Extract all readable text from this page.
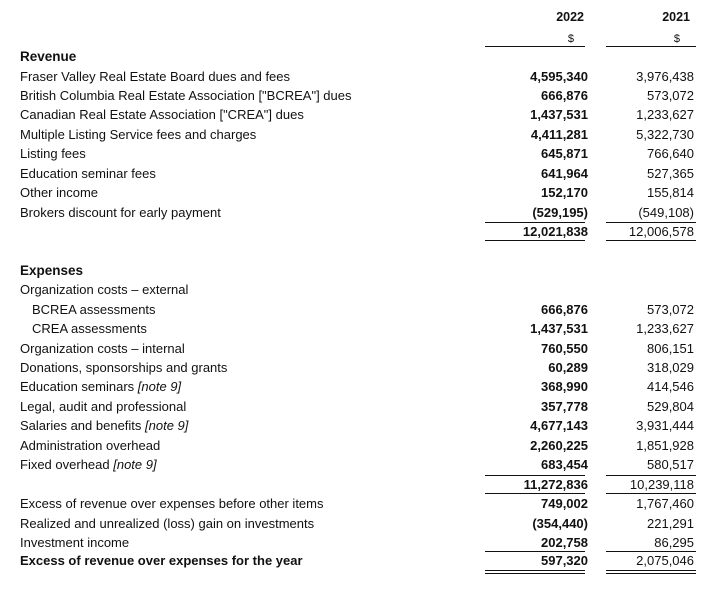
2022	2021
$	$
Revenue
Fraser Valley Real Estate Board dues and fees	4,595,340	3,976,438
British Columbia Real Estate Association ["BCREA"] dues	666,876	573,072
Canadian Real Estate Association ["CREA"] dues	1,437,531	1,233,627
Multiple Listing Service fees and charges	4,411,281	5,322,730
Listing fees	645,871	766,640
Education seminar fees	641,964	527,365
Other income	152,170	155,814
Brokers discount for early payment	(529,195)	(549,108)
12,021,838	12,006,578
Expenses
Organization costs – external
BCREA assessments	666,876	573,072
CREA assessments	1,437,531	1,233,627
Organization costs – internal	760,550	806,151
Donations, sponsorships and grants	60,289	318,029
Education seminars [note 9]	368,990	414,546
Legal, audit and professional	357,778	529,804
Salaries and benefits [note 9]	4,677,143	3,931,444
Administration overhead	2,260,225	1,851,928
Fixed overhead [note 9]	683,454	580,517
11,272,836	10,239,118
Excess of revenue over expenses before other items	749,002	1,767,460
Realized and unrealized (loss) gain on investments	(354,440)	221,291
Investment income	202,758	86,295
Excess of revenue over expenses for the year	597,320	2,075,046
